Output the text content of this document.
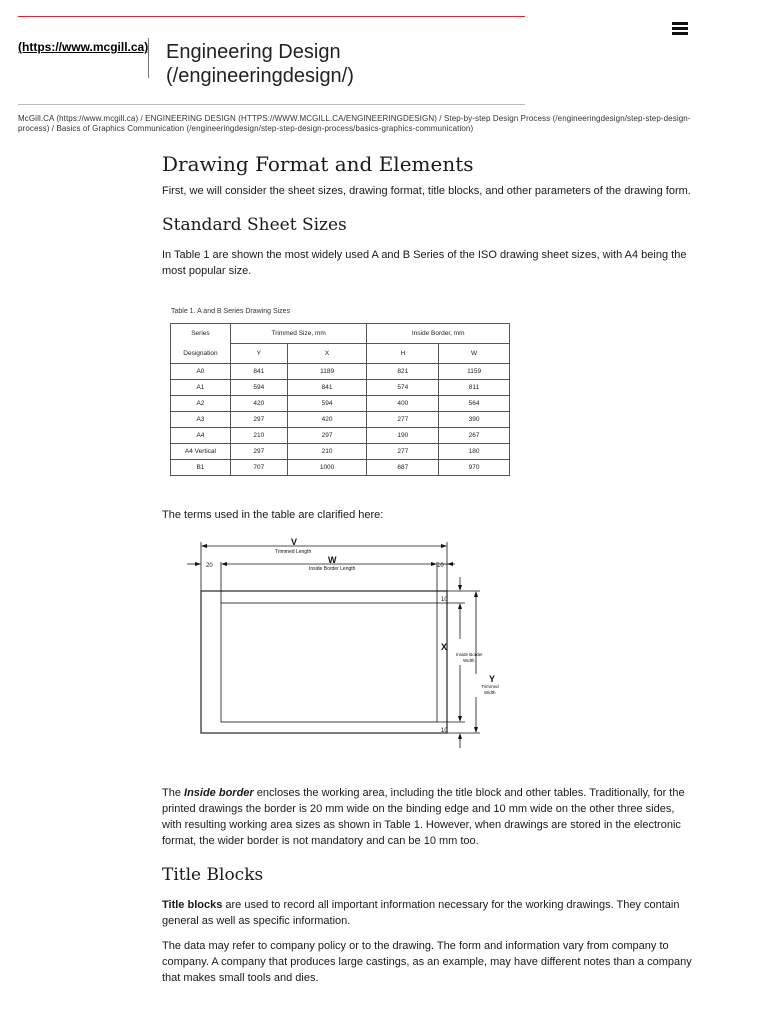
(https://www.mcgill.ca) Engineering Design
(/engineeringdesign/)
McGill.CA (https://www.mcgill.ca) / ENGINEERING DESIGN (HTTPS://WWW.MCGILL.CA/ENGINEERINGDESIGN) / Step-by-step Design Process (/engineeringdesign/step-step-design-process) / Basics of Graphics Communication (/engineeringdesign/step-step-design-process/basics-graphics-communication)
Drawing Format and Elements

First, we will consider the sheet sizes, drawing format, title blocks, and other parameters of the drawing form.

Standard Sheet Sizes

In Table 1 are shown the most widely used A and B Series of the ISO drawing sheet sizes, with A4 being the most popular size.

Table 1. A and B Series Drawing Sizes
Series	Trimmed Size, mm		Inside Border, mm	
Designation	Y	X	H	W
A0	841	1189	821	1159
A1	594	841	574	811
A2	420	594	400	564
A3	297	420	277	390
A4	210	297	190	267
A4 Vertical	297	210	277	180
B1	707	1000	687	970

The terms used in the table are clarified here:

V
Trimmed Length
W
Inside Border Length
20	10
10
10
X
Inside Border
Width
Y
Trimmed
Width

The Inside border encloses the working area, including the title block and other tables. Traditionally, for the printed drawings the border is 20 mm wide on the binding edge and 10 mm wide on the other three sides, with resulting working area sizes as shown in Table 1. However, when drawings are stored in the electronic format, the wider border is not mandatory and can be 10 mm too.

Title Blocks

Title blocks are used to record all important information necessary for the working drawings. They contain general as well as specific information.

The data may refer to company policy or to the drawing. The form and information vary from company to company. A company that produces large castings, as an example, may have different notes than a company that makes small tools and dies.
